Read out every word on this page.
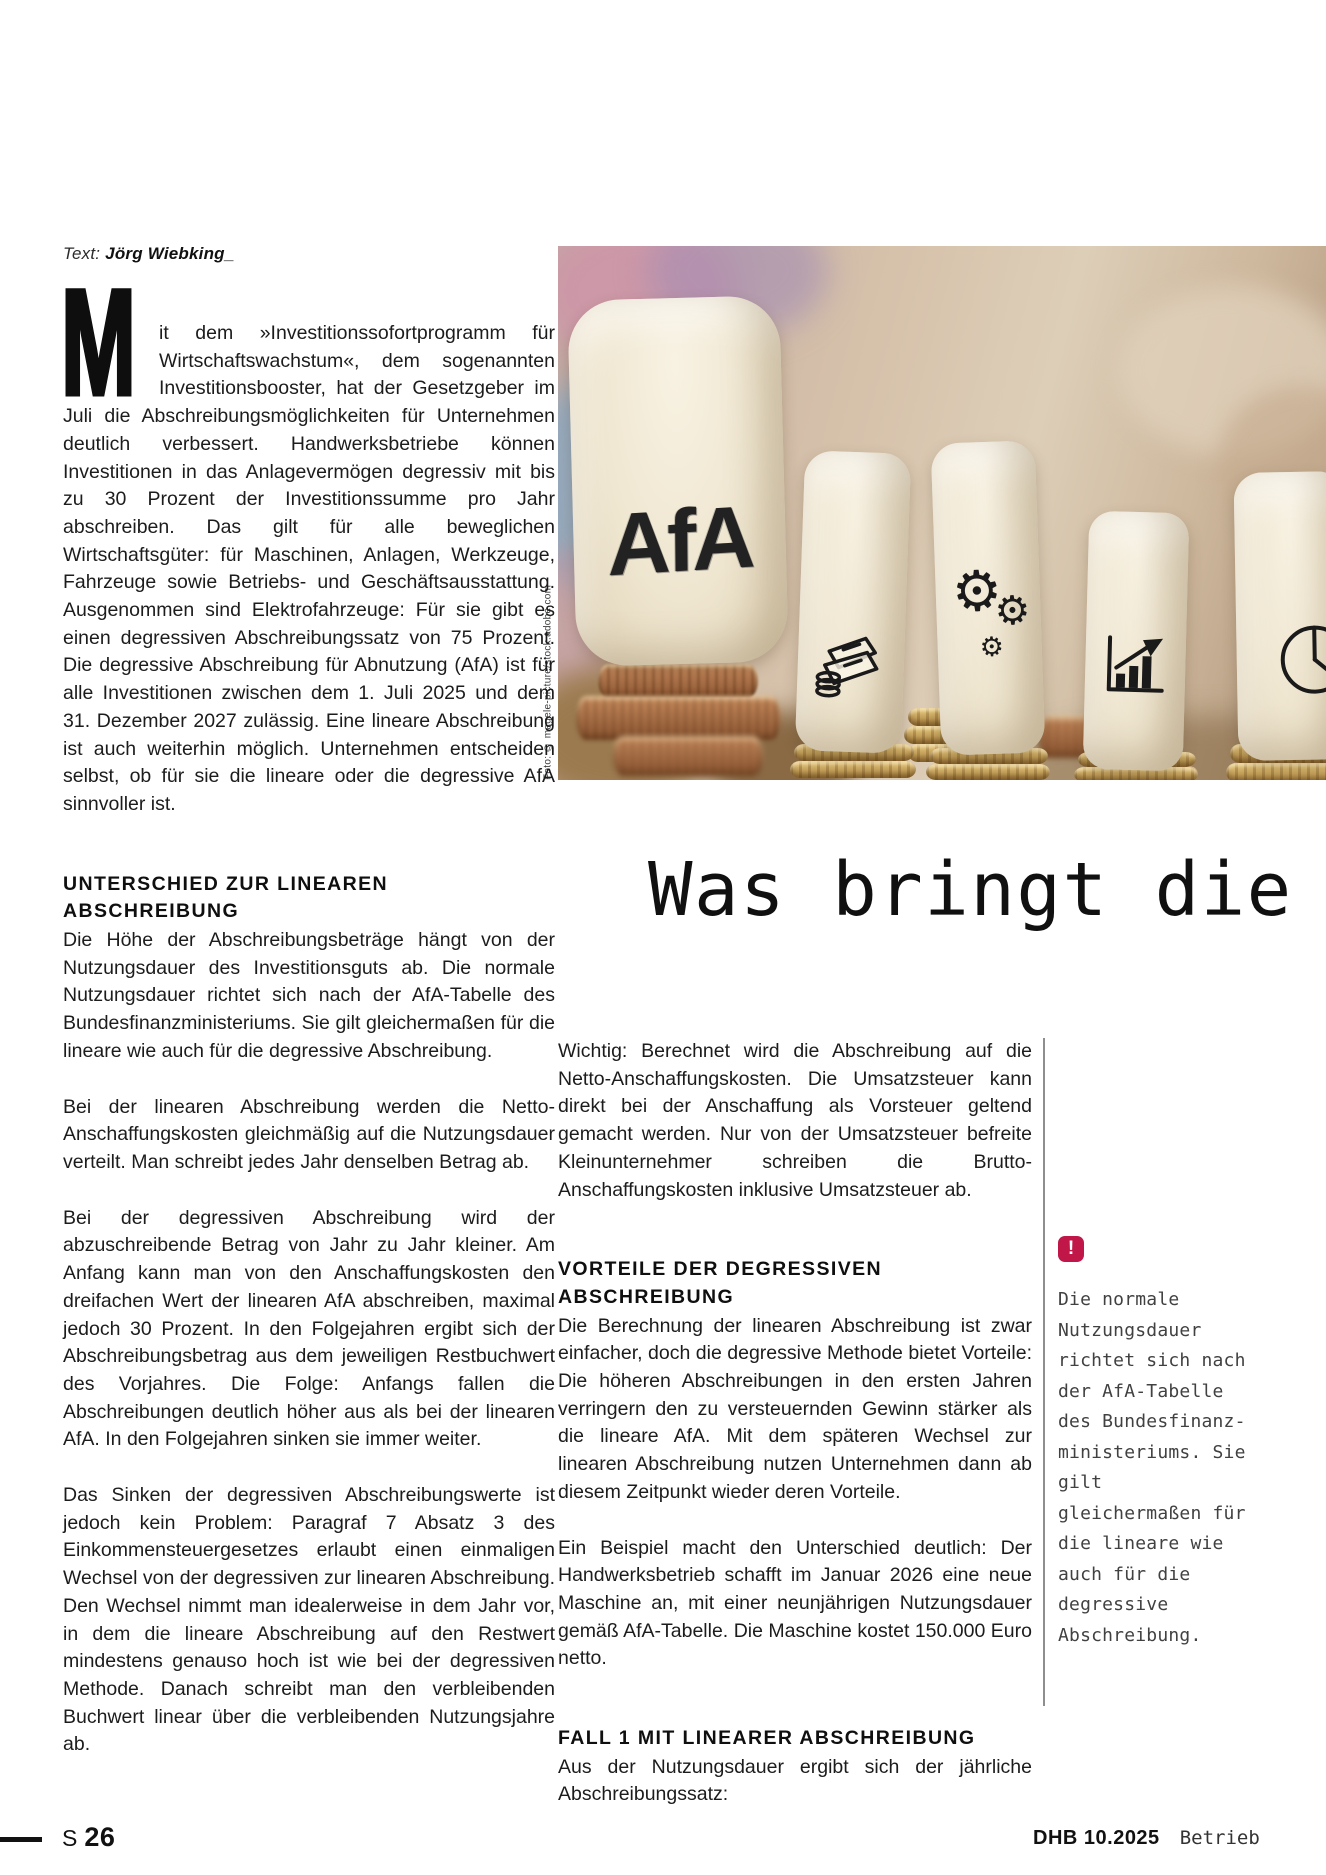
Text: Jörg Wiebking_
AfA	⚙
⚙
⚙
Foto: © magele-picture/stock.adobe.com
Was bringt die

M it dem »Investitionssofortprogramm für Wirtschaftswachstum«, dem sogenannten Investitionsbooster, hat der Gesetzgeber im Juli die Abschreibungsmöglichkeiten für Unternehmen deutlich verbessert. Handwerksbetriebe können Investitionen in das Anlagevermögen degressiv mit bis zu 30 Prozent der Investitionssumme pro Jahr abschreiben. Das gilt für alle beweglichen Wirtschaftsgüter: für Maschinen, Anlagen, Werkzeuge, Fahrzeuge sowie Betriebs- und Geschäftsausstattung. Ausgenommen sind Elektrofahrzeuge: Für sie gibt es einen degressiven Abschreibungssatz von 75 Prozent. Die degressive Abschreibung für Abnutzung (AfA) ist für alle Investitionen zwischen dem 1. Juli 2025 und dem 31. Dezember 2027 zulässig. Eine lineare Abschreibung ist auch weiterhin möglich. Unternehmen entscheiden selbst, ob für sie die lineare oder die degressive AfA sinnvoller ist.

UNTERSCHIED ZUR LINEAREN ABSCHREIBUNG

Die Höhe der Abschreibungsbeträge hängt von der Nutzungsdauer des Investitionsguts ab. Die normale Nutzungsdauer richtet sich nach der AfA-Tabelle des Bundesfinanzministeriums. Sie gilt gleichermaßen für die lineare wie auch für die degressive Abschreibung.

Bei der linearen Abschreibung werden die Netto-Anschaffungskosten gleichmäßig auf die Nutzungsdauer verteilt. Man schreibt jedes Jahr denselben Betrag ab.

Bei der degressiven Abschreibung wird der abzuschreibende Betrag von Jahr zu Jahr kleiner. Am Anfang kann man von den Anschaffungskosten den dreifachen Wert der linearen AfA abschreiben, maximal jedoch 30 Prozent. In den Folgejahren ergibt sich der Abschreibungsbetrag aus dem jeweiligen Restbuchwert des Vorjahres. Die Folge: Anfangs fallen die Abschreibungen deutlich höher aus als bei der linearen AfA. In den Folgejahren sinken sie immer weiter.

Das Sinken der degressiven Abschreibungswerte ist jedoch kein Problem: Paragraf 7 Absatz 3 des Einkommensteuergesetzes erlaubt einen einmaligen Wechsel von der degressiven zur linearen Abschreibung. Den Wechsel nimmt man idealerweise in dem Jahr vor, in dem die lineare Abschreibung auf den Restwert mindestens genauso hoch ist wie bei der degressiven Methode. Danach schreibt man den verbleibenden Buchwert linear über die verbleibenden Nutzungsjahre ab.

Wichtig: Berechnet wird die Abschreibung auf die Netto-Anschaffungskosten. Die Umsatzsteuer kann direkt bei der Anschaffung als Vorsteuer geltend gemacht werden. Nur von der Umsatzsteuer befreite Kleinunternehmer schreiben die Brutto-Anschaffungskosten inklusive Umsatzsteuer ab.

VORTEILE DER DEGRESSIVEN ABSCHREIBUNG

Die Berechnung der linearen Abschreibung ist zwar einfacher, doch die degressive Methode bietet Vorteile: Die höheren Abschreibungen in den ersten Jahren verringern den zu versteuernden Gewinn stärker als die lineare AfA. Mit dem späteren Wechsel zur linearen Abschreibung nutzen Unternehmen dann ab diesem Zeitpunkt wieder deren Vorteile.

Ein Beispiel macht den Unterschied deutlich: Der Handwerksbetrieb schafft im Januar 2026 eine neue Maschine an, mit einer neunjährigen Nutzungsdauer gemäß AfA-Tabelle. Die Maschine kostet 150.000 Euro netto.

FALL 1 MIT LINEARER ABSCHREIBUNG

Aus der Nutzungsdauer ergibt sich der jährliche Abschreibungssatz:

!
Die normale Nutzungsdauer richtet sich nach der AfA-Tabelle des Bundesfinanzministeriums. Sie gilt gleichermaßen für die lineare wie auch für die degressive Abschreibung.
S 26	DHB 10.2025 Betrieb
